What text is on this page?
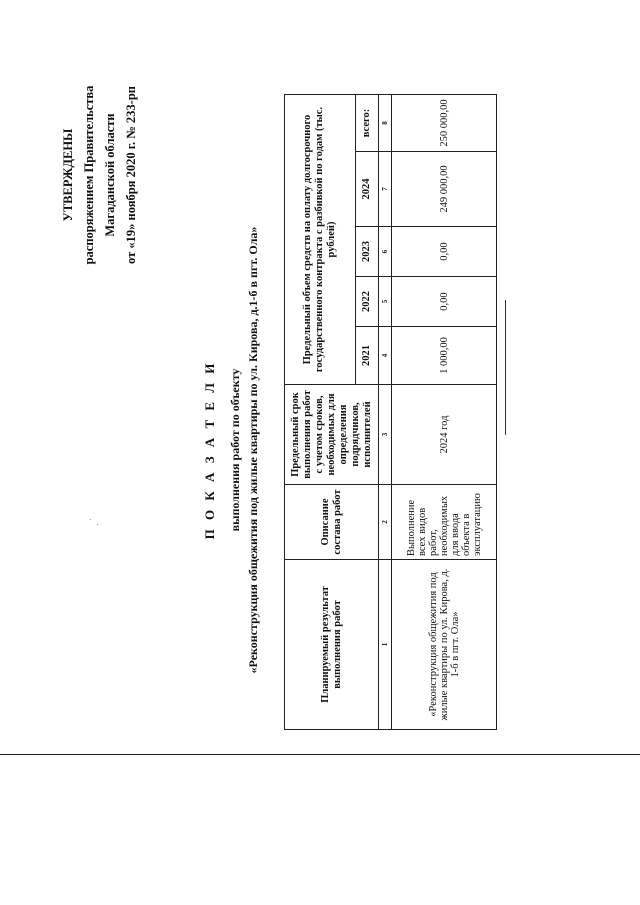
УТВЕРЖДЕНЫ распоряжением Правительства Магаданской области от «19» ноября 2020 г. № 233-рп
П О К А З А Т Е Л И выполнения работ по объекту «Реконструкция общежития под жилые квартиры по ул. Кирова, д.1-б в пгт. Ола»	Планируемый результат выполнения работ	Описание состава работ	Предельный срок выполнения работ с учетом сроков, необходимых для определения подрядчиков, исполнителей	Предельный объем средств на оплату долгосрочного государственного контракта с разбивкой по годам (тыс. рублей)				
			2021	2022	2023	2024	всего:
1	2	3	4	5	6	7	8
«Реконструкция общежития под жилые квартиры по ул. Кирова, д. 1-б в пгт. Ола»	Выполнение всех видов работ, необходимых для ввода объекта в эксплуатацию	2024 год	1 000,00	0,00	0,00	249 000,00	250 000,00
